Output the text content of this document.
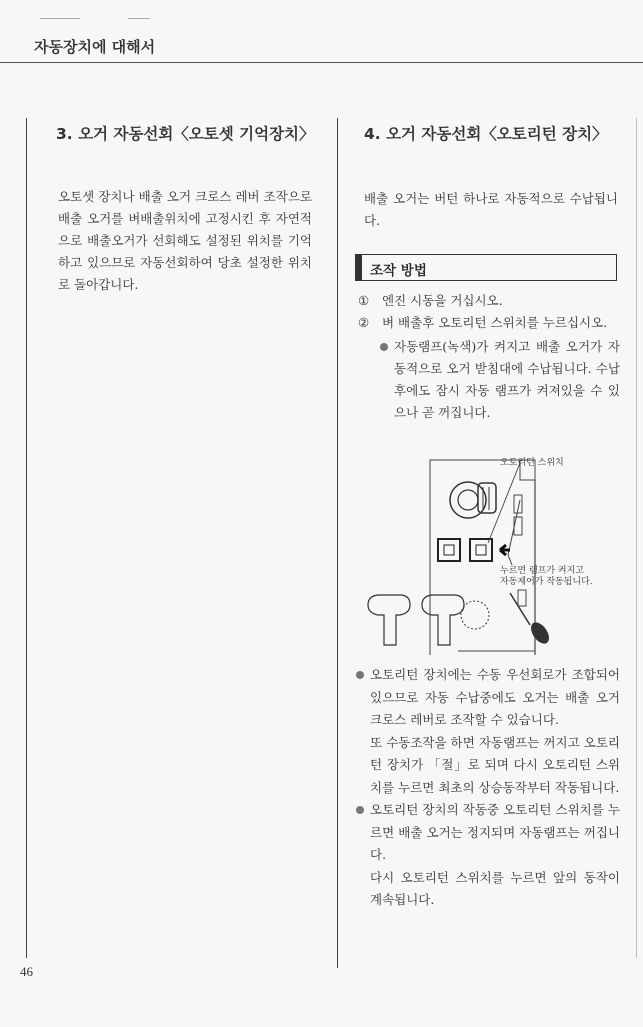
자동장치에 대해서
3. 오거 자동선회〈오토셋 기억장치〉

오토셋 장치나 배출 오거 크로스 레버 조작으로 배출 오거를 벼배출위치에 고정시킨 후 자연적으로 배출오거가 선회해도 설정된 위치를 기억하고 있으므로 자동선회하여 당초 설정한 위치로 돌아갑니다.

4. 오거 자동선회〈오토리턴 장치〉

배출 오거는 버턴 하나로 자동적으로 수납됩니다.

조작 방법
①	엔진 시동을 거십시오.
②	벼 배출후 오토리턴 스위치를 누르십시오.
자동램프(녹색)가 켜지고 배출 오거가 자동적으로 오거 받침대에 수납됩니다. 수납후에도 잠시 자동 램프가 켜져있을 수 있으나 곧 꺼집니다.
오토리턴 스위치
누르면 램프가 켜지고
자동제어가 작동됩니다.
오토리턴 장치에는 수동 우선회로가 조합되어 있으므로 자동 수납중에도 오거는 배출 오거 크로스 레버로 조작할 수 있습니다.
또 수동조작을 하면 자동램프는 꺼지고 오토리턴 장치가 「절」로 되며 다시 오토리턴 스위치를 누르면 최초의 상승동작부터 작동됩니다.
오토리턴 장치의 작동중 오토리턴 스위치를 누르면 배출 오거는 정지되며 자동램프는 꺼집니다.
다시 오토리턴 스위치를 누르면 앞의 동작이 계속됩니다.
46
